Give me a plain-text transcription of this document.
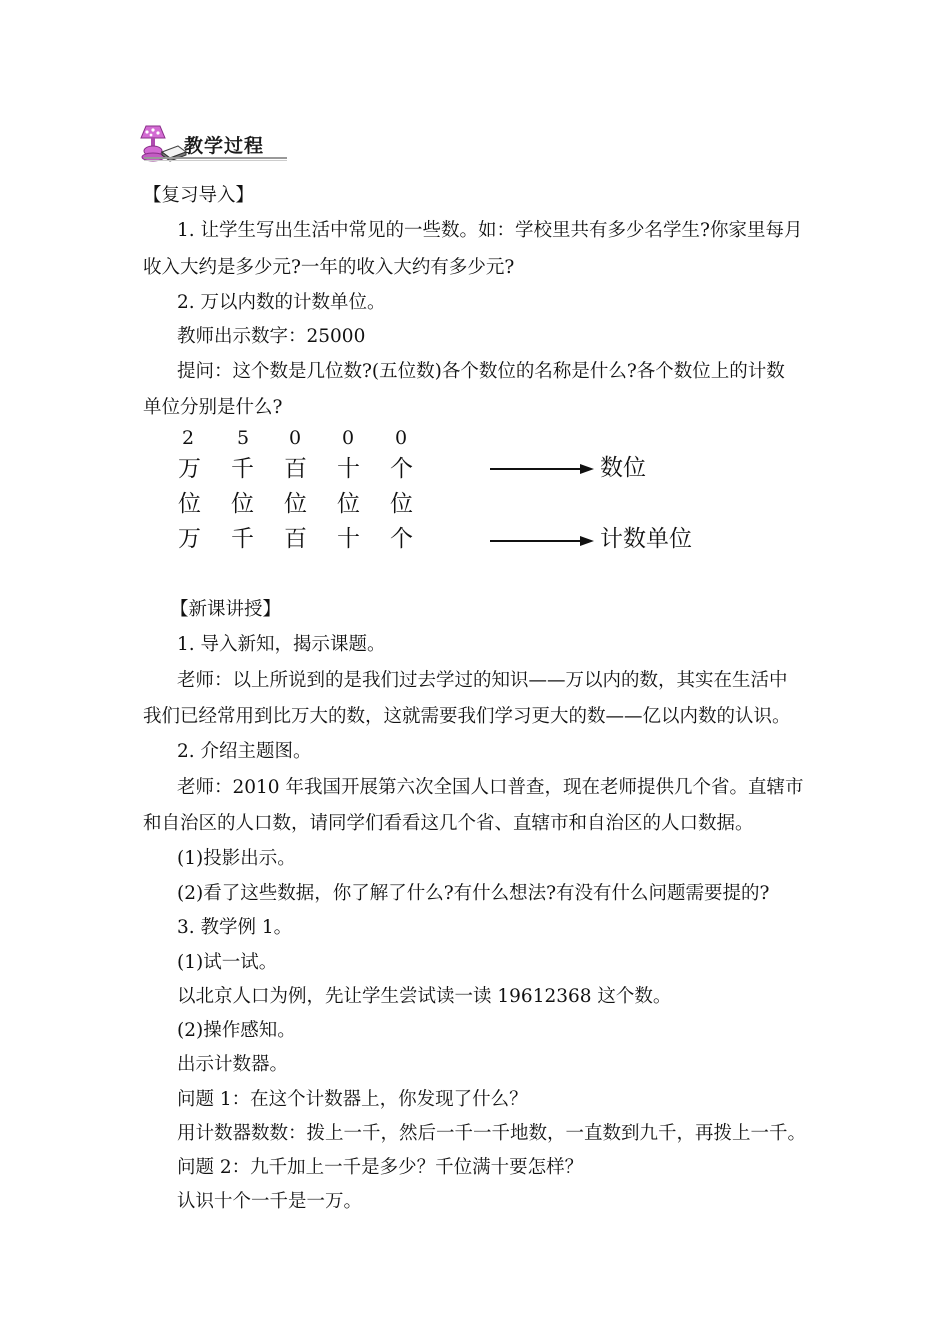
教学过程
【复习导入】
1. 让学生写出生活中常见的一些数。如：学校里共有多少名学生?你家里每月
收入大约是多少元?一年的收入大约有多少元?
2. 万以内数的计数单位。
教师出示数字：25000
提问：这个数是几位数?(五位数)各个数位的名称是什么?各个数位上的计数
单位分别是什么?
2 5 0 0 0
万 千 百 十 个
位 位 位 位 位
万 千 百 十 个
数位
计数单位
【新课讲授】
1. 导入新知，揭示课题。
老师：以上所说到的是我们过去学过的知识——万以内的数，其实在生活中
我们已经常用到比万大的数，这就需要我们学习更大的数——亿以内数的认识。
2. 介绍主题图。
老师：2010 年我国开展第六次全国人口普查，现在老师提供几个省。直辖市
和自治区的人口数，请同学们看看这几个省、直辖市和自治区的人口数据。
(1)投影出示。
(2)看了这些数据，你了解了什么?有什么想法?有没有什么问题需要提的?
3. 教学例 1。
(1)试一试。
以北京人口为例，先让学生尝试读一读 19612368 这个数。
(2)操作感知。
出示计数器。
问题 1：在这个计数器上，你发现了什么？
用计数器数数：拨上一千，然后一千一千地数，一直数到九千，再拨上一千。
问题 2：九千加上一千是多少？千位满十要怎样？
认识十个一千是一万。
